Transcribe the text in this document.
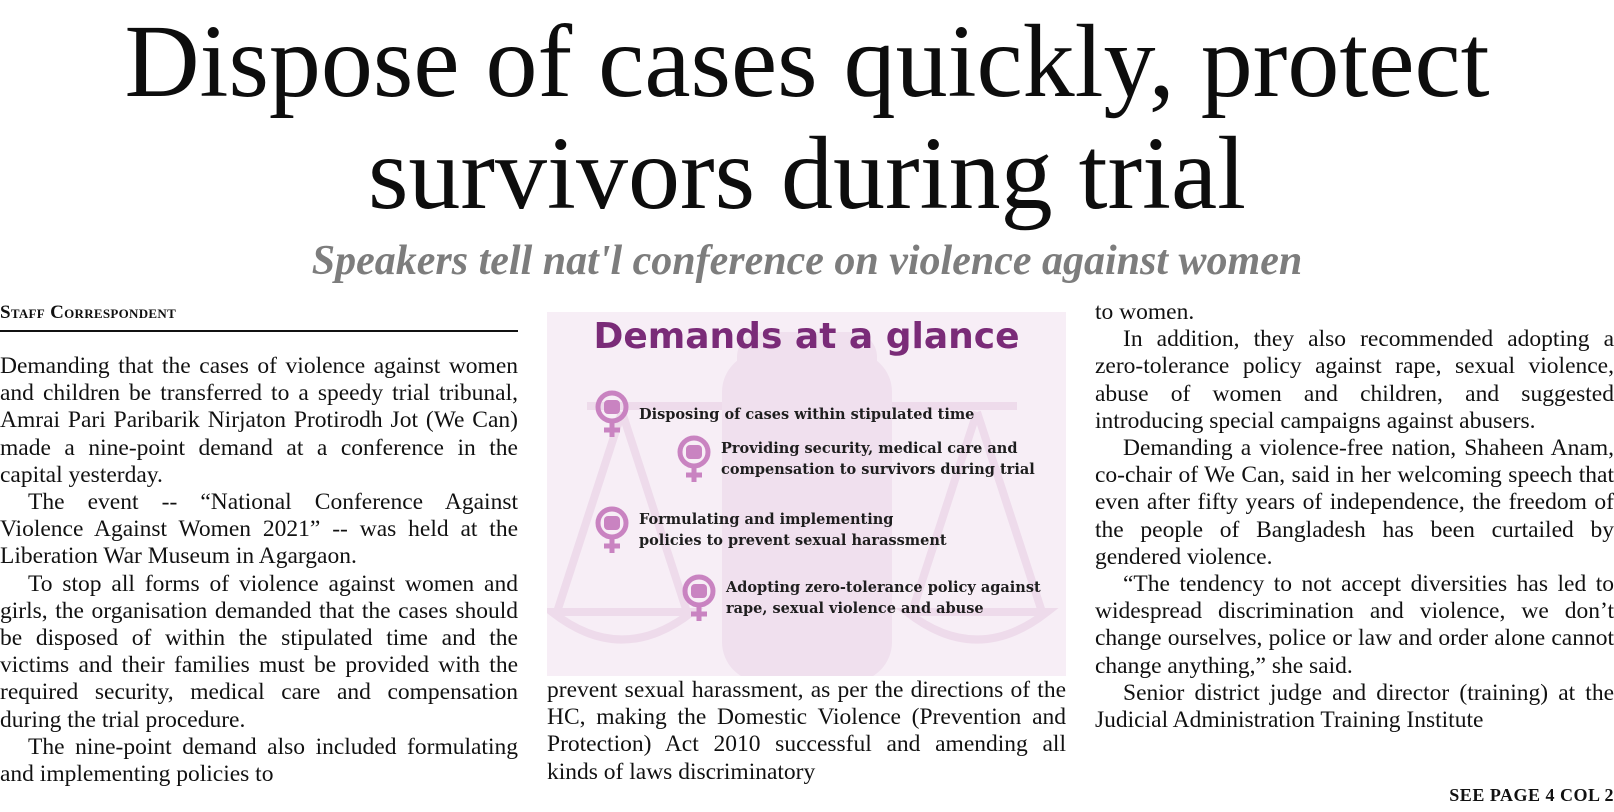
Dispose of cases quickly, protect survivors during trial
Speakers tell nat'l conference on violence against women
Staff Correspondent

Demanding that the cases of violence against women and children be transferred to a speedy trial tribunal, Amrai Pari Paribarik Nirjaton Protirodh Jot (We Can) made a nine-point demand at a conference in the capital yesterday.

The event -- “National Conference Against Violence Against Women 2021” -- was held at the Liberation War Museum in Agargaon.

To stop all forms of violence against women and girls, the organisation demanded that the cases should be disposed of within the stipulated time and the victims and their families must be provided with the required security, medical care and compensation during the trial procedure.

The nine-point demand also included formulating and implementing policies to

Demands at a glance
Disposing of cases within stipulated time
Providing security, medical care and
compensation to survivors during trial
Formulating and implementing
policies to prevent sexual harassment
Adopting zero-tolerance policy against
rape, sexual violence and abuse

prevent sexual harassment, as per the directions of the HC, making the Domestic Violence (Prevention and Protection) Act 2010 successful and amending all kinds of laws discriminatory

to women.

In addition, they also recommended adopting a zero-tolerance policy against rape, sexual violence, abuse of women and children, and suggested introducing special campaigns against abusers.

Demanding a violence-free nation, Shaheen Anam, co-chair of We Can, said in her welcoming speech that even after fifty years of independence, the freedom of the people of Bangladesh has been curtailed by gendered violence.

“The tendency to not accept diversities has led to widespread discrimination and violence, we don’t change ourselves, police or law and order alone cannot change anything,” she said.

Senior district judge and director (training) at the Judicial Administration Training Institute

SEE PAGE 4 COL 2
